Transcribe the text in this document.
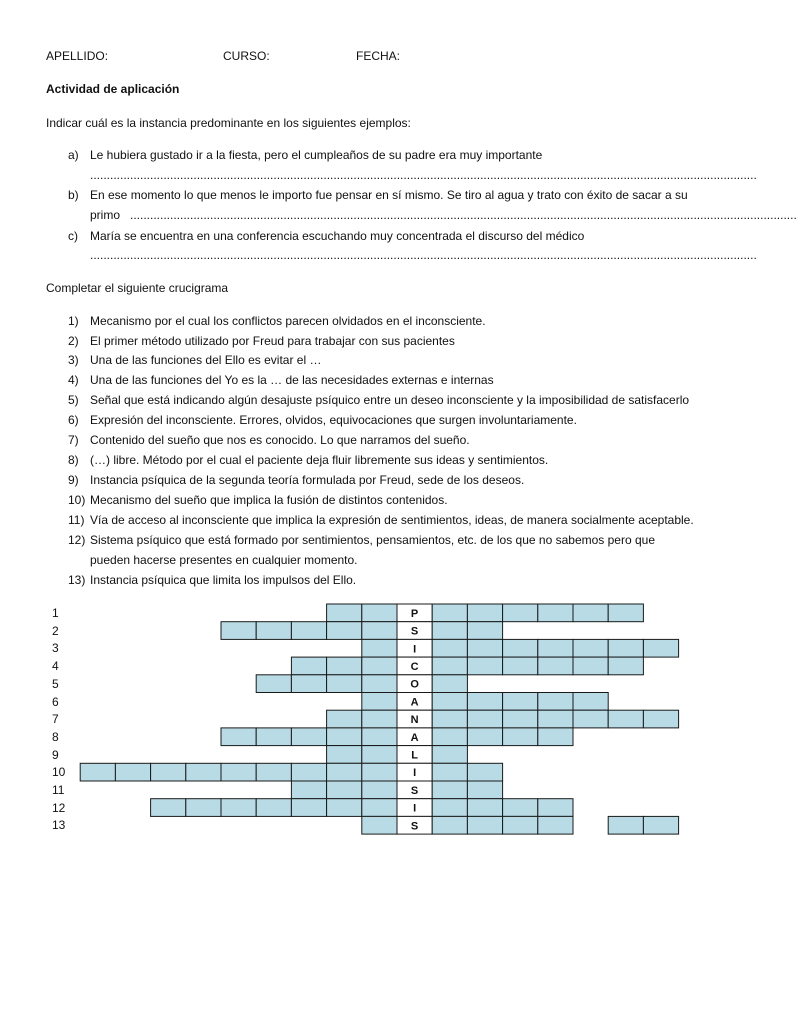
APELLIDO:	CURSO:	FECHA:
Actividad de aplicación
Indicar cuál es la instancia predominante en los siguientes ejemplos:
a) Le hubiera gustado ir a la fiesta, pero el cumpleaños de su padre era muy importante
........................................................................................................................................................................................................
b) En ese momento lo que menos le importo fue pensar en sí mismo. Se tiro al agua y trato con éxito de sacar a su
primo ........................................................................................................................................................................................................
c) María se encuentra en una conferencia escuchando muy concentrada el discurso del médico
........................................................................................................................................................................................................
Completar el siguiente crucigrama
1) Mecanismo por el cual los conflictos parecen olvidados en el inconsciente.
2) El primer método utilizado por Freud para trabajar con sus pacientes
3) Una de las funciones del Ello es evitar el …
4) Una de las funciones del Yo es la … de las necesidades externas e internas
5) Señal que está indicando algún desajuste psíquico entre un deseo inconsciente y la imposibilidad de satisfacerlo
6) Expresión del inconsciente. Errores, olvidos, equivocaciones que surgen involuntariamente.
7) Contenido del sueño que nos es conocido. Lo que narramos del sueño.
8) (…) libre. Método por el cual el paciente deja fluir libremente sus ideas y sentimientos.
9) Instancia psíquica de la segunda teoría formulada por Freud, sede de los deseos.
10) Mecanismo del sueño que implica la fusión de distintos contenidos.
11) Vía de acceso al inconsciente que implica la expresión de sentimientos, ideas, de manera socialmente aceptable.
12) Sistema psíquico que está formado por sentimientos, pensamientos, etc. de los que no sabemos pero que
pueden hacerse presentes en cualquier momento.
13) Instancia psíquica que limita los impulsos del Ello.
1
2
3
4
5
6
7
8
9
10
11
12
13
P
S
I
C
O
A
N
A
L
I
S
I
S
